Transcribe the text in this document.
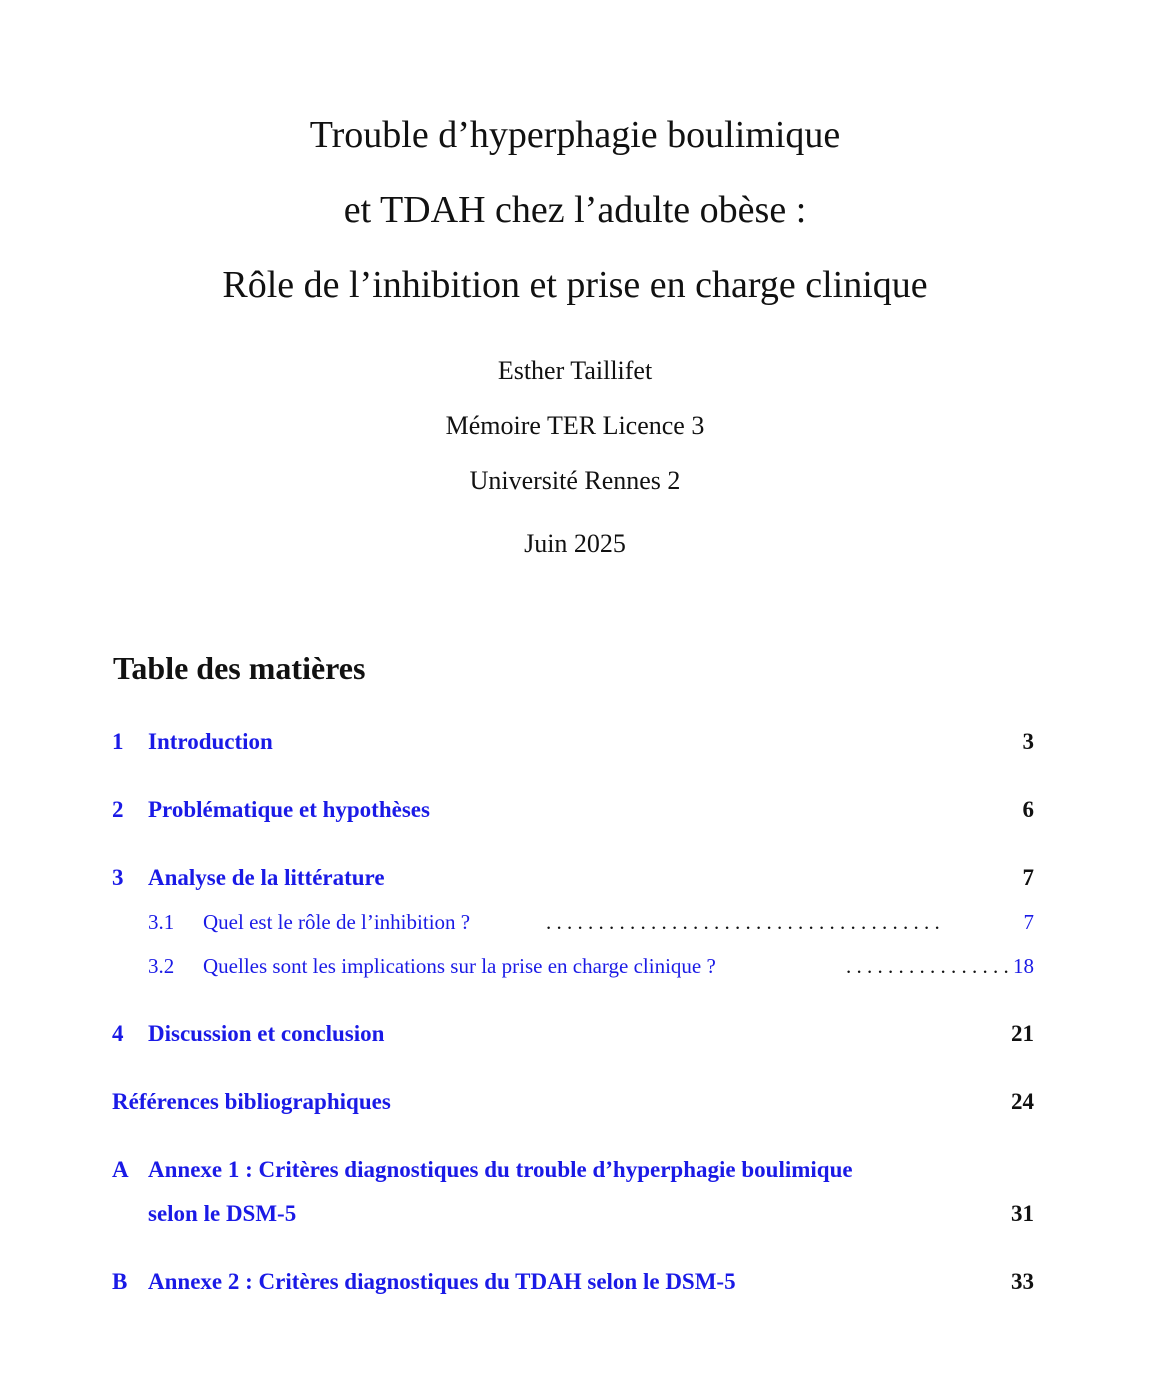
Trouble d’hyperphagie boulimique
et TDAH chez l’adulte obèse :
Rôle de l’inhibition et prise en charge clinique
Esther Taillifet
Mémoire TER Licence 3
Université Rennes 2
Juin 2025
Table des matières
1 Introduction	3
2 Problématique et hypothèses	6
3 Analyse de la littérature	7
3.1 Quel est le rôle de l’inhibition ?	. . . . . . . . . . . . . . . . . . . . . . . . . . . . . . . . . . . . . .	7
3.2 Quelles sont les implications sur la prise en charge clinique ?	. . . . . . . . . . . . . . . . 18
4 Discussion et conclusion	21
Références bibliographiques	24
A Annexe 1 : Critères diagnostiques du trouble d’hyperphagie boulimique
selon le DSM-5	31
B Annexe 2 : Critères diagnostiques du TDAH selon le DSM-5	33
